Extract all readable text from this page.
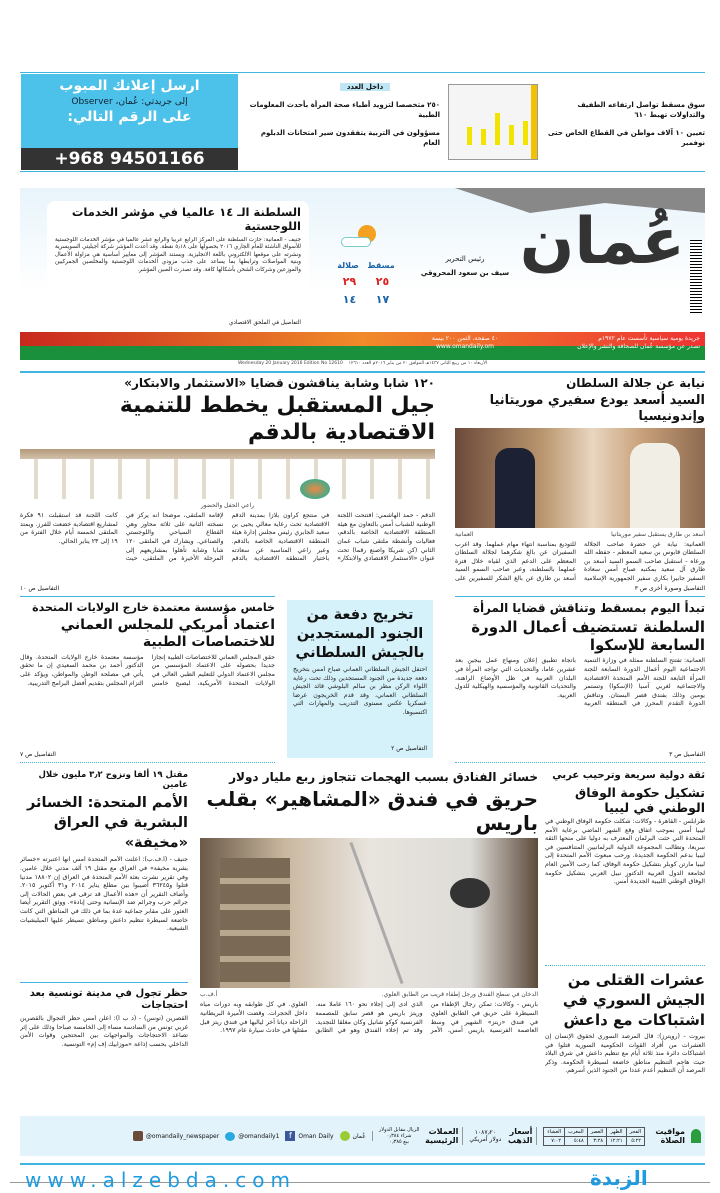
ارسل إعلانك المبوب
إلى جريدتي: عُمان، Observer
على الرقم التالي:
+968 94501166
داخل العدد
٢٥٠ متخصصا لتزويد أطباء صحة المرأة بأحدث المعلومات الطبية
مسؤولون في التربية يتفقدون سير امتحانات الدبلوم العام
سوق مسقط تواصل ارتفاعه الطفيف والتداولات تهبط ٦١٠
تعيين ١٠ آلاف مواطن في القطاع الخاص حتى نوفمبر
عُمان
جريدة يومية سياسية تأسست عام ١٩٧٢م
تصدر عن مؤسسة عُمان للصحافة والنشر والإعلان
٤٠ صفحة، الثمن ٢٠٠ بيسة
www.omandaily.om
رئيس التحرير
سيف بن سعود المحروقي
صلالة مسقط
٢٩ ٢٥
١٤ ١٧
السلطنة الـ ١٤ عالميا في مؤشر الخدمات اللوجستية
جنيف - العمانية: حازت السلطنة على المركز الرابع عربيا والرابع عشر عالميا في مؤشر الخدمات اللوجستية للأسواق الناشئة للعام الجاري ٢٠١٦ بحصولها على ٥٫١٨ نقطة. وقد أعدت المؤشر شركة أجيليتي السويسرية ونشرته على موقعها الالكتروني باللغة الانجليزية. ويستند المؤشر إلى معايير أساسية هي مزاولة الأعمال وبنية المواصلات وترابطها بما يساعد على جذب مزودي الخدمات اللوجستية والمخلصين الجمركيين والموزعين وشركات الشحن بأشكالها كافة. وقد تصدرت الصين المؤشر.
التفاصيل في الملحق الاقتصادي
الأربعاء ١٠ من ربيع الثاني ١٤٣٧هـ الموافق ٢٠ من يناير ٢٠١٦م العدد ١٢٦١٠    Wednesday 20 January 2016 Edition No 12610
نيابة عن جلالة السلطان
السيد أسعد يودع سفيري موريتانيا وإندونيسيا
أسعد بن طارق يستقبل سفير موريتانيا
العمانية
العمانية: نيابة عن حضرة صاحب الجلالة السلطان قابوس بن سعيد المعظم - حفظه الله ورعاه - استقبل صاحب السمو السيد أسعد بن طارق آل سعيد بمكتبه صباح أمس سعادة السفير جابيرا بكاري سفير الجمهورية الإسلامية للتوديع بمناسبة انتهاء مهام عملهما. وقد أعرب السفيران عن بالغ شكرهما لجلالة السلطان المعظم على الدعم الذي لقياه خلال فترة عملهما بالسلطنة، وعبر صاحب السمو السيد أسعد بن طارق عن بالغ الشكر للسفيرين على
التفاصيل وصورة أخرى ص ٣
١٢٠ شابا وشابة يناقشون قضايا «الاستثمار والابتكار»
جيل المستقبل يخطط للتنمية الاقتصادية بالدقم
راعي الحفل والحضور
الدقم - حمد الهاشمي: افتتحت اللجنة الوطنية للشباب أمس بالتعاون مع هيئة المنطقة الاقتصادية الخاصة بالدقم، فعاليات وأنشطة ملتقى شباب عمان الثاني (كن شريكا واصنع رقما) تحت عنوان «الاستثمار الاقتصادي والابتكار» في منتجع كراون بلازا بمدينة الدقم الاقتصادية تحت رعاية معالي يحيى بن سعيد الجابري رئيس مجلس إدارة هيئة المنطقة الاقتصادية الخاصة بالدقم. وعبر راعي المناسبة عن سعادته باختيار المنطقة الاقتصادية بالدقم لإقامة الملتقى، موضحا أنه يركز في نسخته الثانية على ثلاثة محاور وهي القطاع السياحي واللوجستي والصناعي. ويشارك في الملتقى ١٢٠ شابا وشابة تأهلوا بمشاريعهم إلى المرحلة الأخيرة من الملتقى، حيث كانت اللجنة قد استقبلت ٩١ فكرة لمشاريع اقتصادية خضعت للفرز. ويمتد الملتقى لخمسة أيام خلال الفترة من ١٩ إلى ٢٣ يناير الحالي.
التفاصيل ص ١٠
تبدأ اليوم بمسقط وتناقش قضايا المرأة
السلطنة تستضيف أعمال الدورة السابعة للإسكوا
العمانية: تفتتح السلطنة ممثلة في وزارة التنمية الاجتماعية اليوم أعمال الدورة السابعة للجنة المرأة التابعة للجنة الأمم المتحدة الاقتصادية والاجتماعية لغربي آسيا (الإسكوا) وتستمر يومين وذلك بفندق قصر البستان. وتناقش الدورة التقدم المحرز في المنطقة العربية باتجاه تطبيق إعلان ومنهاج عمل بيجين بعد عشرين عاما، والتحديات التي تواجه المرأة في البلدان العربية في ظل الأوضاع الراهنة، والتحديات القانونية والمؤسسية والهيكلية للدول العربية.
التفاصيل ص ٣
تخريج دفعة من الجنود المستجدين بالجيش السلطاني
احتفل الجيش السلطاني العماني صباح أمس بتخريج دفعة جديدة من الجنود المستجدين وذلك تحت رعاية اللواء الركن مطر بن سالم البلوشي قائد الجيش السلطاني العماني، وقد قدم الخريجون عرضا عسكريا عكس مستوى التدريب والمهارات التي اكتسبوها.
التفاصيل ص ٢
خامس مؤسسة معتمدة خارج الولايات المتحدة
اعتماد أمريكي للمجلس العماني للاختصاصات الطبية
حقق المجلس العماني للاختصاصات الطبية إنجازا جديدا بحصوله على الاعتماد المؤسسي من مجلس الاعتماد الدولي للتعليم الطبي العالي في الولايات المتحدة الأمريكية، ليصبح خامس مؤسسة معتمدة خارج الولايات المتحدة. وقال الدكتور أحمد بن محمد السعيدي إن ما تحقق يأتي في مصلحة الوطن والمواطن، ويؤكد على التزام المجلس بتقديم أفضل البرامج التدريبية.
التفاصيل ص ٧
ثقة دولية سريعة وترحيب عربي
تشكيل حكومة الوفاق الوطني في ليبيا
طرابلس - القاهرة - وكالات: شكلت حكومة الوفاق الوطني في ليبيا أمس بموجب اتفاق وقع الشهر الماضي برعاية الأمم المتحدة التي حثت البرلمان المعترف به دوليا على منحها الثقة سريعا، وتطالب المجموعة الدولية البرلمانيين المتنافسين في ليبيا بدعم الحكومة الجديدة. ورحب مبعوث الأمم المتحدة إلى ليبيا مارتن كوبلر بتشكيل حكومة الوفاق، كما رحب الأمين العام لجامعة الدول العربية الدكتور نبيل العربي بتشكيل حكومة الوفاق الوطني الليبية الجديدة أمس.
عشرات القتلى من الجيش السوري في اشتباكات مع داعش
بيروت - (رويترز): قال المرصد السوري لحقوق الإنسان إن العشرات من أفراد القوات الحكومية السورية قتلوا في اشتباكات دائرة منذ ثلاثة أيام مع تنظيم داعش في شرق البلاد حيث هاجم التنظيم مناطق خاضعة لسيطرة الحكومة. وذكر المرصد أن التنظيم أعدم عددا من الجنود الذين أسرهم.
خسائر الفنادق بسبب الهجمات تتجاوز ربع مليار دولار
حريق في فندق «المشاهير» بقلب باريس
الدخان في سطح الفندق ورجل إطفاء قريب من الطابق العلوي.
أ.ف.ب
باريس - وكالات: تمكن رجال الإطفاء من السيطرة على حريق في الطابق العلوي في فندق «ريتز» الشهير في وسط العاصمة الفرنسية باريس أمس، الأمر الذي أدى إلى إجلاء نحو ١٦٠ عاملا منه. وريتز باريس هو قصر سابق للمصممة الفرنسية كوكو شانيل وكان مغلقا للتجديد. وقد تم إخلاء الفندق وهو في الطابق العلوي. في كل طوابقه وبه دورات مياه داخل الحجرات. وقضت الأميرة البريطانية الراحلة ديانا آخر لياليها في فندق ريتز قبل مقتلها في حادث سيارة عام ١٩٩٧.
مقتل ١٩ ألفا ونزوح ٣٫٢ مليون خلال عامين
الأمم المتحدة: الخسائر البشرية في العراق «مخيفة»
جنيف - (أ.ف.ب): أعلنت الأمم المتحدة أمس أنها اعتبرته «خسائر بشرية مخيفة» في العراق مع مقتل ١٩ ألف مدني خلال عامين. وفي تقرير نشرت بعثة الأمم المتحدة في العراق إن ١٨٨٠٢ مدنيا قتلوا و٣٦٢٤٥ أصيبوا بين مطلع يناير ٢٠١٤ و٣١ أكتوبر ٢٠١٥. وأضاف التقرير أن «هذه الأعمال قد ترقى في بعض الحالات إلى جرائم حرب وجرائم ضد الإنسانية وحتى إبادة». ووثق التقرير أيضا العثور على مقابر جماعية عدة بما في ذلك في المناطق التي كانت خاضعة لسيطرة تنظيم داعش ومناطق تسيطر عليها الميليشيات الشيعية.
حظر تجول في مدينة تونسية بعد احتجاجات
القصرين (تونس) - (د ب أ): أعلن أمس حظر التجوال بالقصرين غربي تونس من السادسة مساء إلى الخامسة صباحا وذلك على إثر تصاعد الاحتجاجات والمواجهات بين المحتجين وقوات الأمن الداخلي بحسب إذاعة «موزاييك إف إم» التونسية.
مواقيت الصلاة
الفجر	الظهر	العصر	المغرب	العشاء
٥:٢٢	١٢:٢١	٣:٢٨	٥:٤٨	٧:٠٢
أسعار الذهب
١٠٨٧٫٢٠
دولار أمريكي
العملات الرئيسية
الريال مقابل الدولار
شراء ٠٫٣٨٤
بيع ٠٫٣٨٥
عُمان
f	Oman Daily
@omandaily1
@omandaily_newspaper
www.alzebda.com	الزبدة
